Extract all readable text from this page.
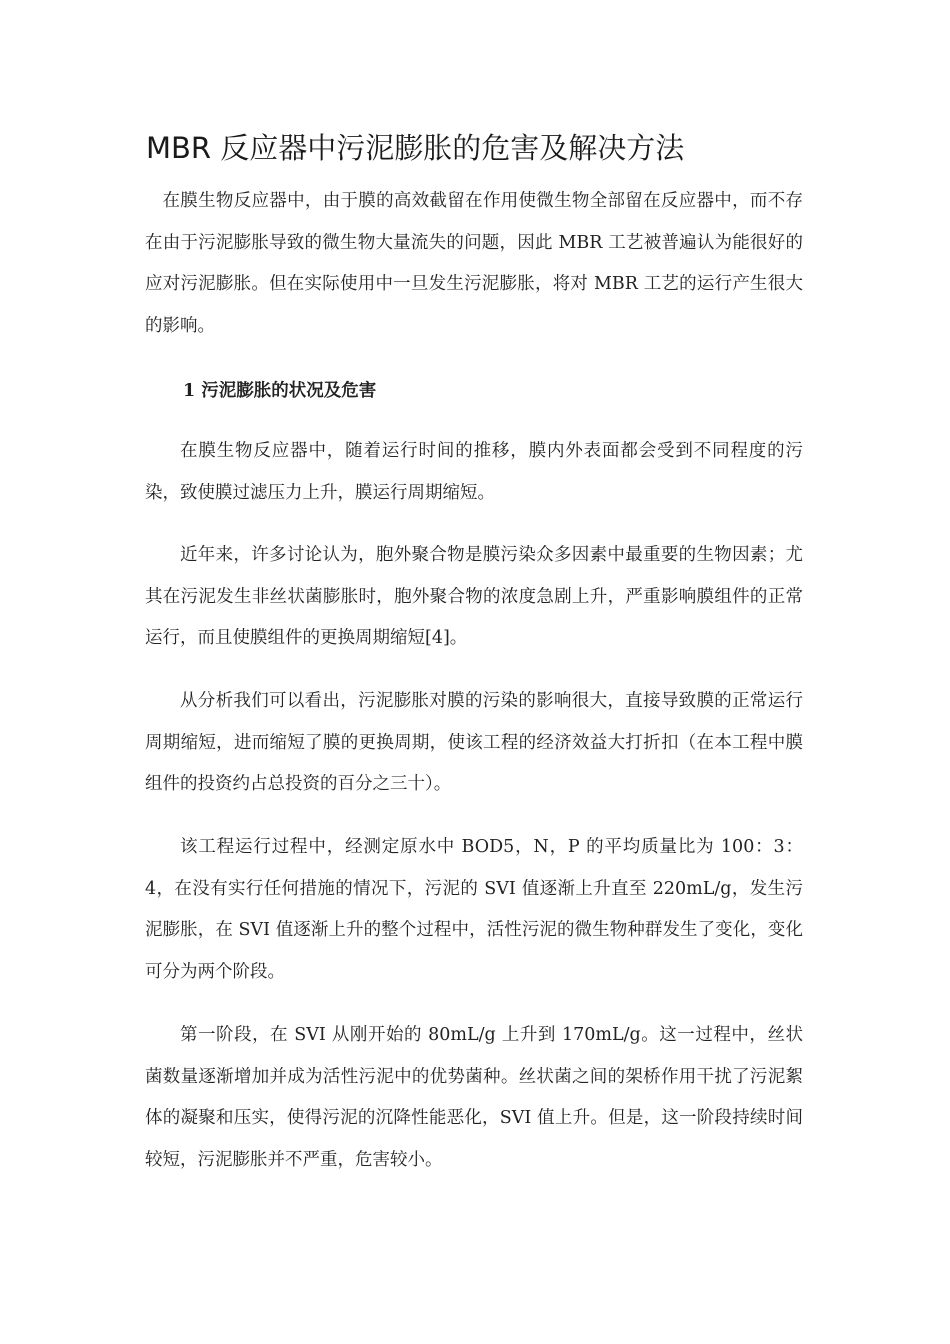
MBR 反应器中污泥膨胀的危害及解决方法

在膜生物反应器中，由于膜的高效截留在作用使微生物全部留在反应器中，而不存在由于污泥膨胀导致的微生物大量流失的问题，因此 MBR 工艺被普遍认为能很好的应对污泥膨胀。但在实际使用中一旦发生污泥膨胀，将对 MBR 工艺的运行产生很大的影响。

1 污泥膨胀的状况及危害

在膜生物反应器中，随着运行时间的推移，膜内外表面都会受到不同程度的污染，致使膜过滤压力上升，膜运行周期缩短。

近年来，许多讨论认为，胞外聚合物是膜污染众多因素中最重要的生物因素；尤其在污泥发生非丝状菌膨胀时，胞外聚合物的浓度急剧上升，严重影响膜组件的正常运行，而且使膜组件的更换周期缩短[4]。

从分析我们可以看出，污泥膨胀对膜的污染的影响很大，直接导致膜的正常运行周期缩短，进而缩短了膜的更换周期，使该工程的经济效益大打折扣（在本工程中膜组件的投资约占总投资的百分之三十）。

该工程运行过程中，经测定原水中 BOD5，N，P 的平均质量比为 100：3：4，在没有实行任何措施的情况下，污泥的 SVI 值逐渐上升直至 220mL/g，发生污泥膨胀，在 SVI 值逐渐上升的整个过程中，活性污泥的微生物种群发生了变化，变化可分为两个阶段。

第一阶段，在 SVI 从刚开始的 80mL/g 上升到 170mL/g。这一过程中，丝状菌数量逐渐增加并成为活性污泥中的优势菌种。丝状菌之间的架桥作用干扰了污泥絮体的凝聚和压实，使得污泥的沉降性能恶化，SVI 值上升。但是，这一阶段持续时间较短，污泥膨胀并不严重，危害较小。
